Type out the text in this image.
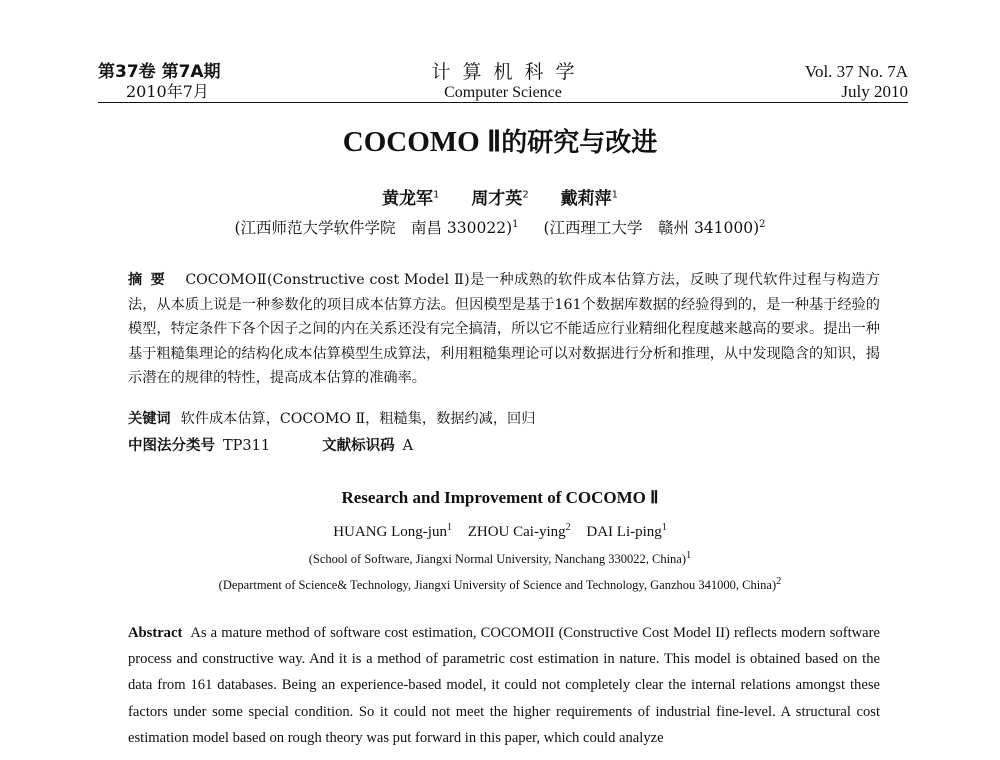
第37卷 第7A期
2010年7月
计算机科学
Computer Science
Vol. 37 No. 7A
July 2010
COCOMO Ⅱ的研究与改进
黄龙军$^1$ 周才英$^2$ 戴莉萍$^1$
(江西师范大学软件学院　南昌 330022)$^1$ (江西理工大学　赣州 341000)$^2$
摘要 COCOMOⅡ(Constructive cost Model Ⅱ)是一种成熟的软件成本估算方法，反映了现代软件过程与构造方法，从本质上说是一种参数化的项目成本估算方法。但因模型是基于161个数据库数据的经验得到的，是一种基于经验的模型，特定条件下各个因子之间的内在关系还没有完全搞清，所以它不能适应行业精细化程度越来越高的要求。提出一种基于粗糙集理论的结构化成本估算模型生成算法，利用粗糙集理论可以对数据进行分析和推理，从中发现隐含的知识，揭示潜在的规律的特性，提高成本估算的准确率。
关键词 软件成本估算，COCOMO Ⅱ，粗糙集，数据约减，回归
中图法分类号 TP311	文献标识码 A
Research and Improvement of COCOMO Ⅱ
HUANG Long-jun$^1$ ZHOU Cai-ying$^2$ DAI Li-ping$^1$
(School of Software, Jiangxi Normal University, Nanchang 330022, China)$^1$
(Department of Science& Technology, Jiangxi University of Science and Technology, Ganzhou 341000, China)$^2$
Abstract As a mature method of software cost estimation, COCOMOII (Constructive Cost Model II) reflects modern software process and constructive way. And it is a method of parametric cost estimation in nature. This model is obtained based on the data from 161 databases. Being an experience-based model, it could not completely clear the internal relations amongst these factors under some special condition. So it could not meet the higher requirements of industrial fine-level. A structural cost estimation model based on rough theory was put forward in this paper, which could analyze
